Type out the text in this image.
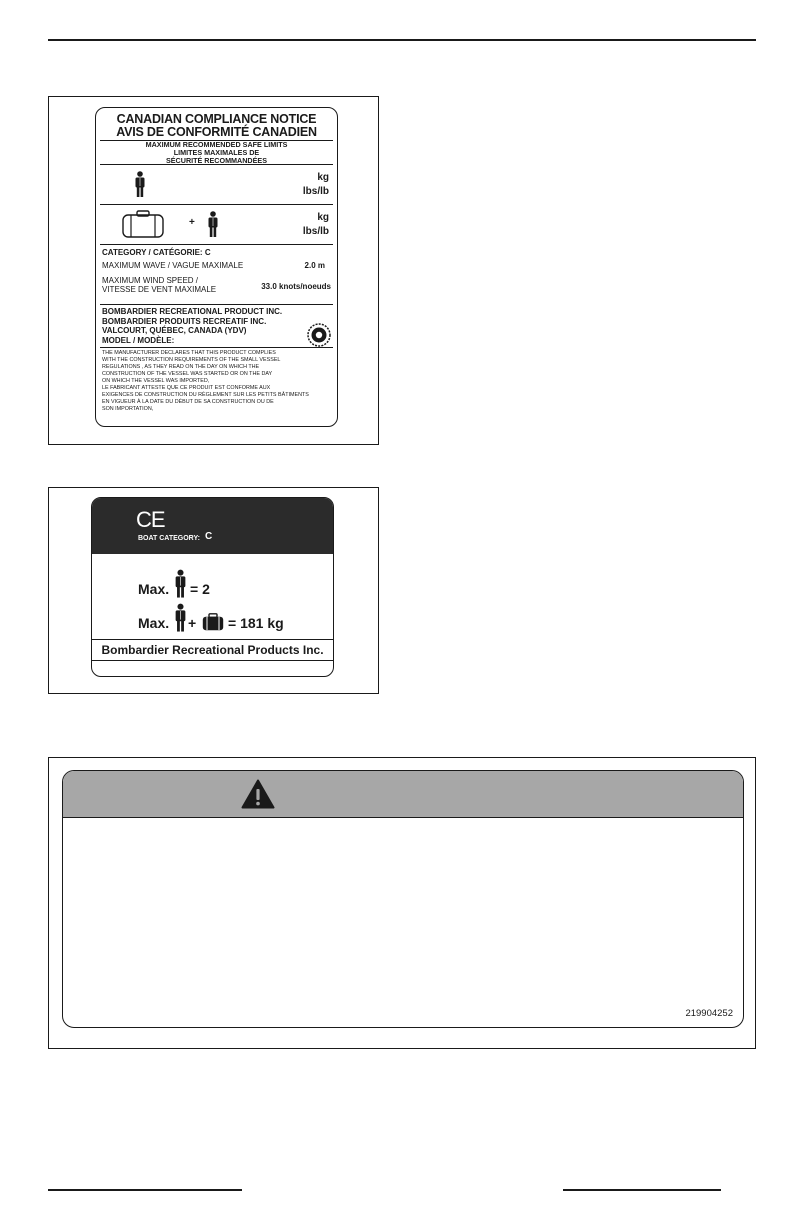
CANADIAN COMPLIANCE NOTICE
AVIS DE CONFORMITÉ CANADIEN
MAXIMUM RECOMMENDED SAFE LIMITS
LIMITES MAXIMALES DE
SÉCURITÉ RECOMMANDÉES
kg
lbs/lb
+	kg
lbs/lb
CATEGORY / CATÉGORIE: C
MAXIMUM WAVE / VAGUE MAXIMALE	2.0 m
MAXIMUM WIND SPEED /
VITESSE DE VENT MAXIMALE	33.0 knots/noeuds
BOMBARDIER RECREATIONAL PRODUCT INC.
BOMBARDIER PRODUITS RECREATIF INC.
VALCOURT, QUÉBEC, CANADA (YDV)
MODEL / MODÈLE:
THE MANUFACTURER DECLARES THAT THIS PRODUCT COMPLIES
WITH THE CONSTRUCTION REQUIREMENTS OF THE SMALL VESSEL
REGULATIONS , AS THEY READ ON THE DAY ON WHICH THE
CONSTRUCTION OF THE VESSEL WAS STARTED OR ON THE DAY
ON WHICH THE VESSEL WAS IMPORTED,
LE FABRICANT ATTESTE QUE CE PRODUIT EST CONFORME AUX
EXIGENCES DE CONSTRUCTION DU RÈGLEMENT SUR LES PETITS BÂTIMENTS
EN VIGUEUR À LA DATE DU DÉBUT DE SA CONSTRUCTION OU DE
SON IMPORTATION,
CE
BOAT CATEGORY: C
Max. = 2
Max. + = 181 kg
Bombardier Recreational Products Inc.
219904252
